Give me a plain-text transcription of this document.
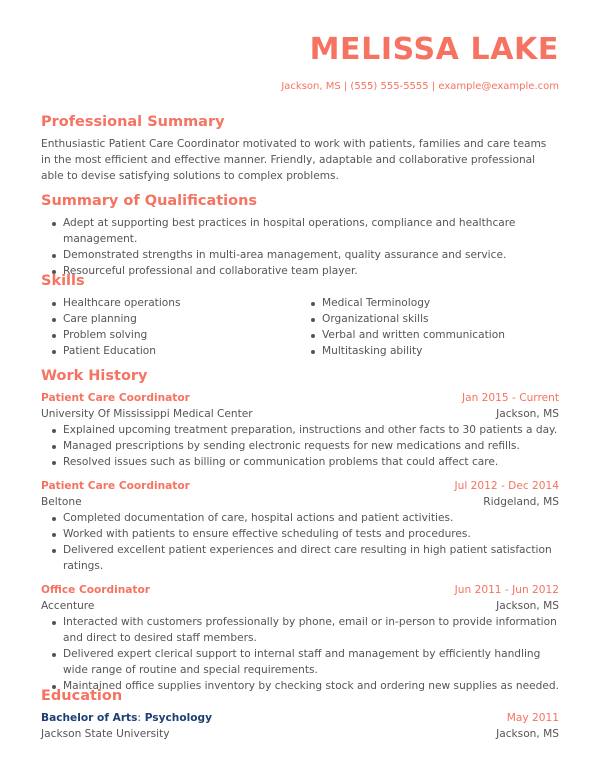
MELISSA LAKE
Jackson, MS | (555) 555-5555 | example@example.com
Professional Summary

Enthusiastic Patient Care Coordinator motivated to work with patients, families and care teams in the most efficient and effective manner. Friendly, adaptable and collaborative professional able to devise satisfying solutions to complex problems.

Summary of Qualifications
Adept at supporting best practices in hospital operations, compliance and healthcare management.
Demonstrated strengths in multi-area management, quality assurance and service.
Resourceful professional and collaborative team player.
Skills
Healthcare operations
Care planning
Problem solving
Patient Education
Medical Terminology
Organizational skills
Verbal and written communication
Multitasking ability
Work History
Patient Care Coordinator	Jan 2015 - Current
University Of Mississippi Medical Center	Jackson, MS
Explained upcoming treatment preparation, instructions and other facts to 30 patients a day.
Managed prescriptions by sending electronic requests for new medications and refills.
Resolved issues such as billing or communication problems that could affect care.
Patient Care Coordinator	Jul 2012 - Dec 2014
Beltone	Ridgeland, MS
Completed documentation of care, hospital actions and patient activities.
Worked with patients to ensure effective scheduling of tests and procedures.
Delivered excellent patient experiences and direct care resulting in high patient satisfaction ratings.
Office Coordinator	Jun 2011 - Jun 2012
Accenture	Jackson, MS
Interacted with customers professionally by phone, email or in-person to provide information and direct to desired staff members.
Delivered expert clerical support to internal staff and management by efficiently handling wide range of routine and special requirements.
Maintained office supplies inventory by checking stock and ordering new supplies as needed.
Education
Bachelor of Arts: Psychology	May 2011
Jackson State University	Jackson, MS
